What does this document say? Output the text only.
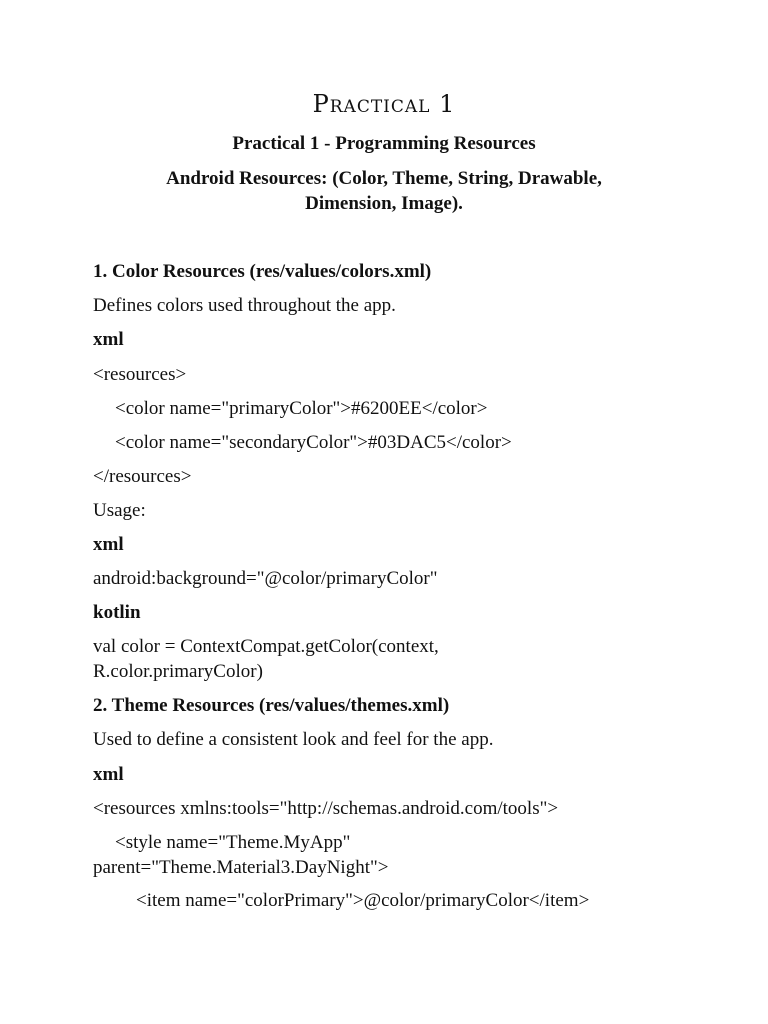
Practical 1
Practical 1 - Programming Resources
Android Resources: (Color, Theme, String, Drawable,
Dimension, Image).
1. Color Resources (res/values/colors.xml)
Defines colors used throughout the app.
xml
<resources>
<color name="primaryColor">#6200EE</color>
<color name="secondaryColor">#03DAC5</color>
</resources>
Usage:
xml
android:background="@color/primaryColor"
kotlin
val color = ContextCompat.getColor(context,
R.color.primaryColor)
2. Theme Resources (res/values/themes.xml)
Used to define a consistent look and feel for the app.
xml
<resources xmlns:tools="http://schemas.android.com/tools">
<style name="Theme.MyApp"
parent="Theme.Material3.DayNight">
<item name="colorPrimary">@color/primaryColor</item>
